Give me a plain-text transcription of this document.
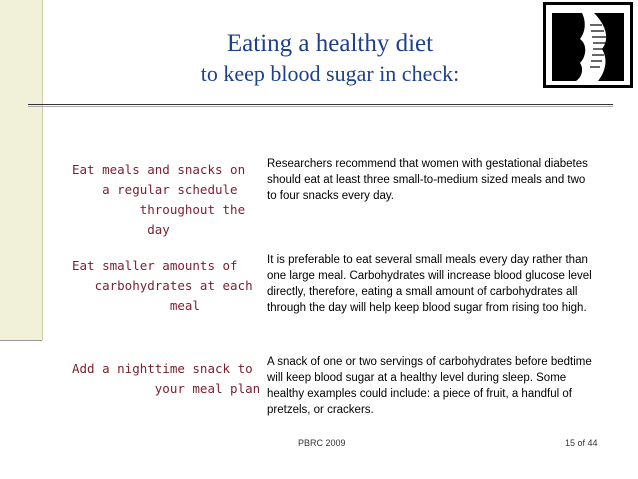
Eating a healthy diet
to keep blood sugar in check:
Eat meals and snacks on
a regular schedule
throughout the
day
Researchers recommend that women with gestational diabetes should eat at least three small-to-medium sized meals and two to four snacks every day.
Eat smaller amounts of
carbohydrates at each
meal
It is preferable to eat several small meals every day rather than one large meal. Carbohydrates will increase blood glucose level directly, therefore, eating a small amount of carbohydrates all through the day will help keep blood sugar from rising too high.
Add a nighttime snack to
your meal plan
A snack of one or two servings of carbohydrates before bedtime will keep blood sugar at a healthy level during sleep. Some healthy examples could include: a piece of fruit, a handful of pretzels, or crackers.
PBRC 2009	15 of 44
